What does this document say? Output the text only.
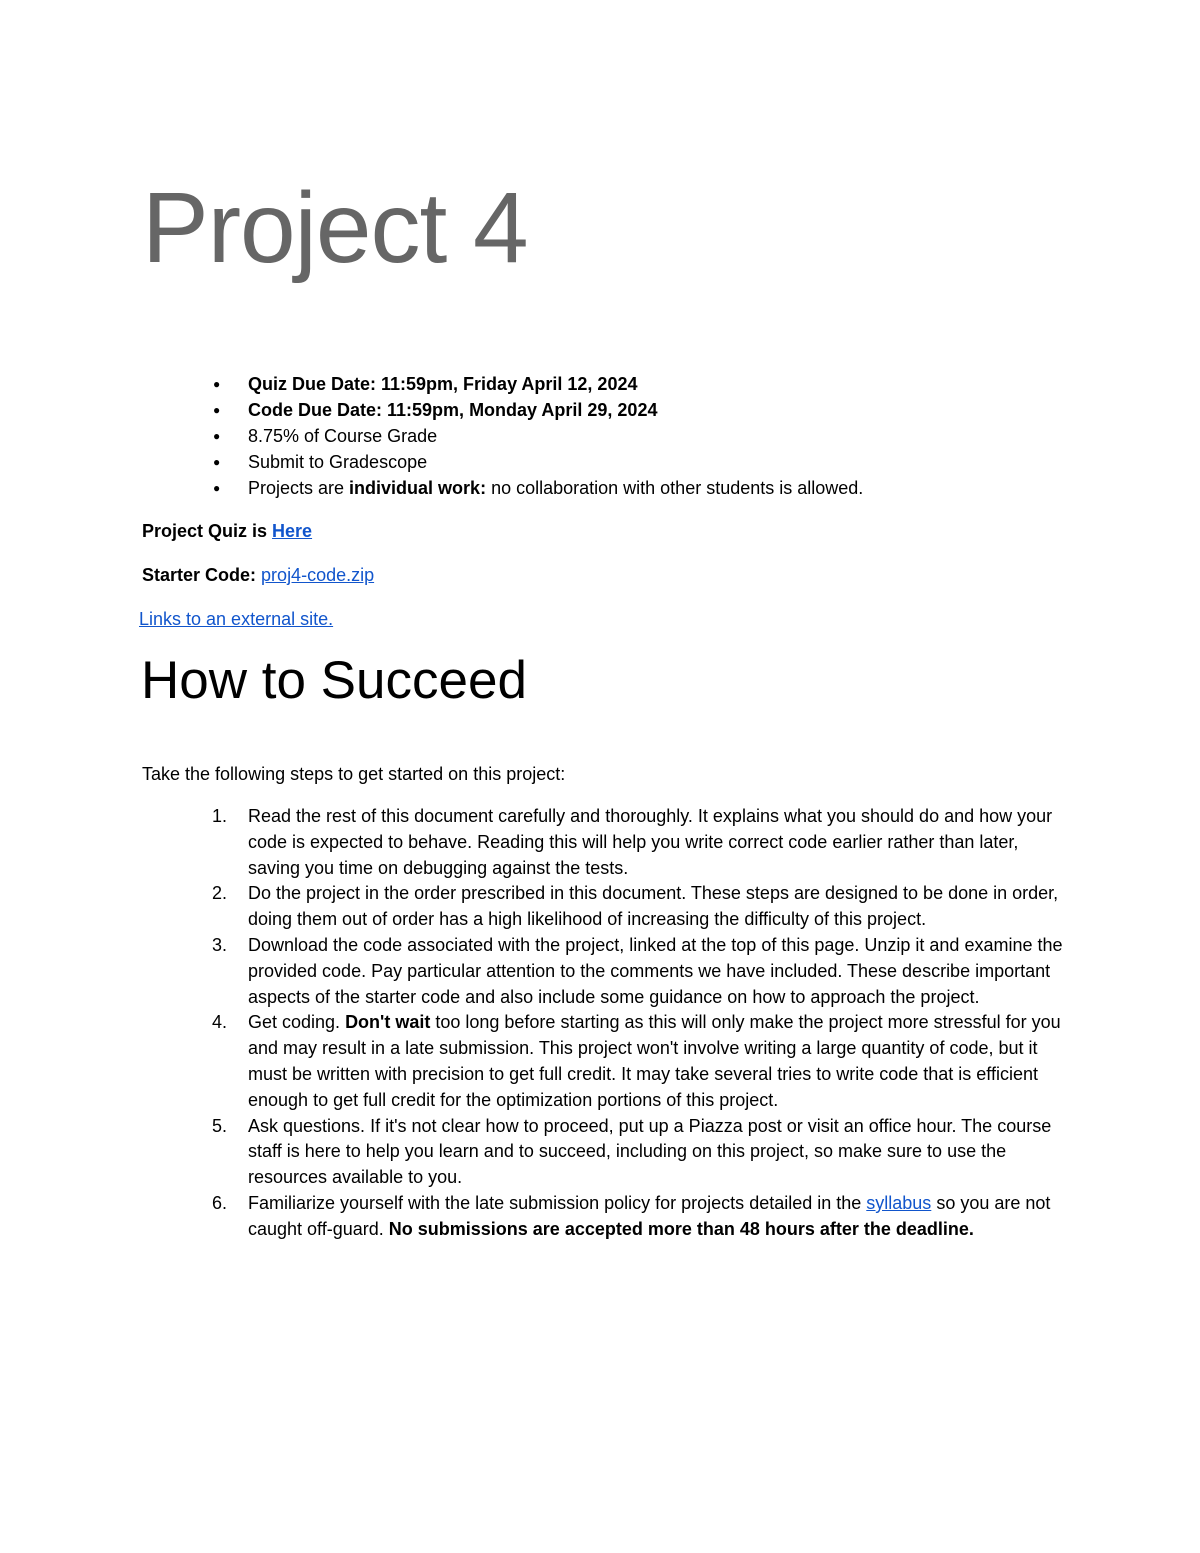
Project 4
● Quiz Due Date: 11:59pm, Friday April 12, 2024
● Code Due Date: 11:59pm, Monday April 29, 2024
● 8.75% of Course Grade
● Submit to Gradescope
● Projects are individual work: no collaboration with other students is allowed.

Project Quiz is Here

Starter Code: proj4-code.zip

Links to an external site.

How to Succeed

Take the following steps to get started on this project:

1. Read the rest of this document carefully and thoroughly. It explains what you should do and how your code is expected to behave. Reading this will help you write correct code earlier rather than later, saving you time on debugging against the tests.
2. Do the project in the order prescribed in this document. These steps are designed to be done in order, doing them out of order has a high likelihood of increasing the difficulty of this project.
3. Download the code associated with the project, linked at the top of this page. Unzip it and examine the provided code. Pay particular attention to the comments we have included. These describe important aspects of the starter code and also include some guidance on how to approach the project.
4. Get coding. Don't wait too long before starting as this will only make the project more stressful for you and may result in a late submission. This project won't involve writing a large quantity of code, but it must be written with precision to get full credit. It may take several tries to write code that is efficient enough to get full credit for the optimization portions of this project.
5. Ask questions. If it's not clear how to proceed, put up a Piazza post or visit an office hour. The course staff is here to help you learn and to succeed, including on this project, so make sure to use the resources available to you.
6. Familiarize yourself with the late submission policy for projects detailed in the syllabus so you are not caught off-guard. No submissions are accepted more than 48 hours after the deadline.
